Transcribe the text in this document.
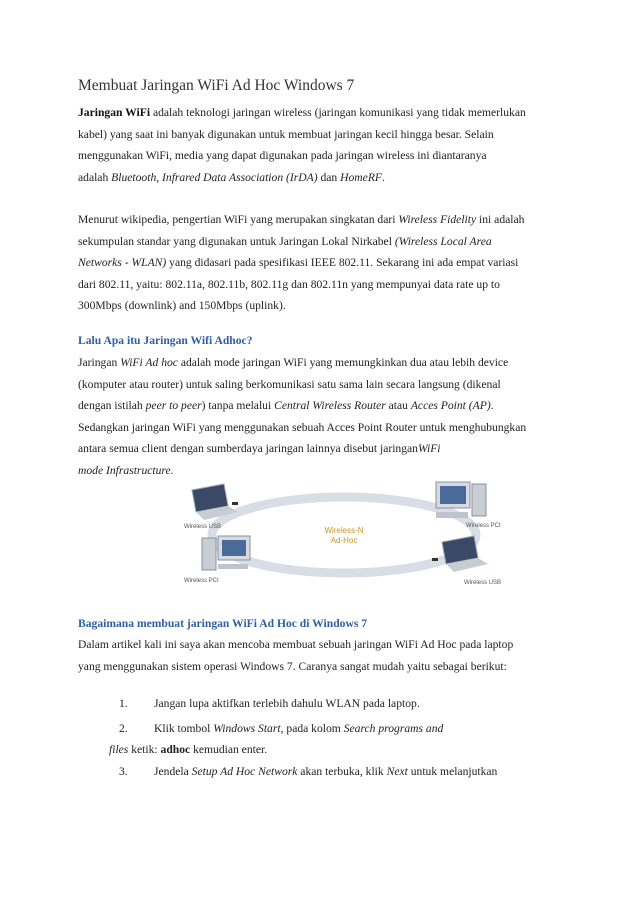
Membuat Jaringan WiFi Ad Hoc Windows 7
Jaringan WiFi adalah teknologi jaringan wireless (jaringan komunikasi yang tidak memerlukan
kabel) yang saat ini banyak digunakan untuk membuat jaringan kecil hingga besar. Selain
menggunakan WiFi, media yang dapat digunakan pada jaringan wireless ini diantaranya
adalah Bluetooth, Infrared Data Association (IrDA) dan HomeRF.
Menurut wikipedia, pengertian WiFi yang merupakan singkatan dari Wireless Fidelity ini adalah
sekumpulan standar yang digunakan untuk Jaringan Lokal Nirkabel (Wireless Local Area
Networks - WLAN) yang didasari pada spesifikasi IEEE 802.11. Sekarang ini ada empat variasi
dari 802.11, yaitu: 802.11a, 802.11b, 802.11g dan 802.11n yang mempunyai data rate up to
300Mbps (downlink) and 150Mbps (uplink).
Lalu Apa itu Jaringan Wifi Adhoc?
Jaringan WiFi Ad hoc adalah mode jaringan WiFi yang memungkinkan dua atau lebih device
(komputer atau router) untuk saling berkomunikasi satu sama lain secara langsung (dikenal
dengan istilah peer to peer) tanpa melalui Central Wireless Router atau Acces Point (AP).
Sedangkan jaringan WiFi yang menggunakan sebuah Acces Point Router untuk menghubungkan
antara semua client dengan sumberdaya jaringan lainnya disebut jaringanWiFi
mode Infrastructure.
Wireless-N
Ad-Hoc
Wireless USB	Wireless PCI
Wireless PCI	Wireless USB
Bagaimana membuat jaringan WiFi Ad Hoc di Windows 7
Dalam artikel kali ini saya akan mencoba membuat sebuah jaringan WiFi Ad Hoc pada laptop
yang menggunakan sistem operasi Windows 7. Caranya sangat mudah yaitu sebagai berikut:
1. Jangan lupa aktifkan terlebih dahulu WLAN pada laptop.
2. Klik tombol Windows Start, pada kolom Search programs and
files ketik: adhoc kemudian enter.
3. Jendela Setup Ad Hoc Network akan terbuka, klik Next untuk melanjutkan
